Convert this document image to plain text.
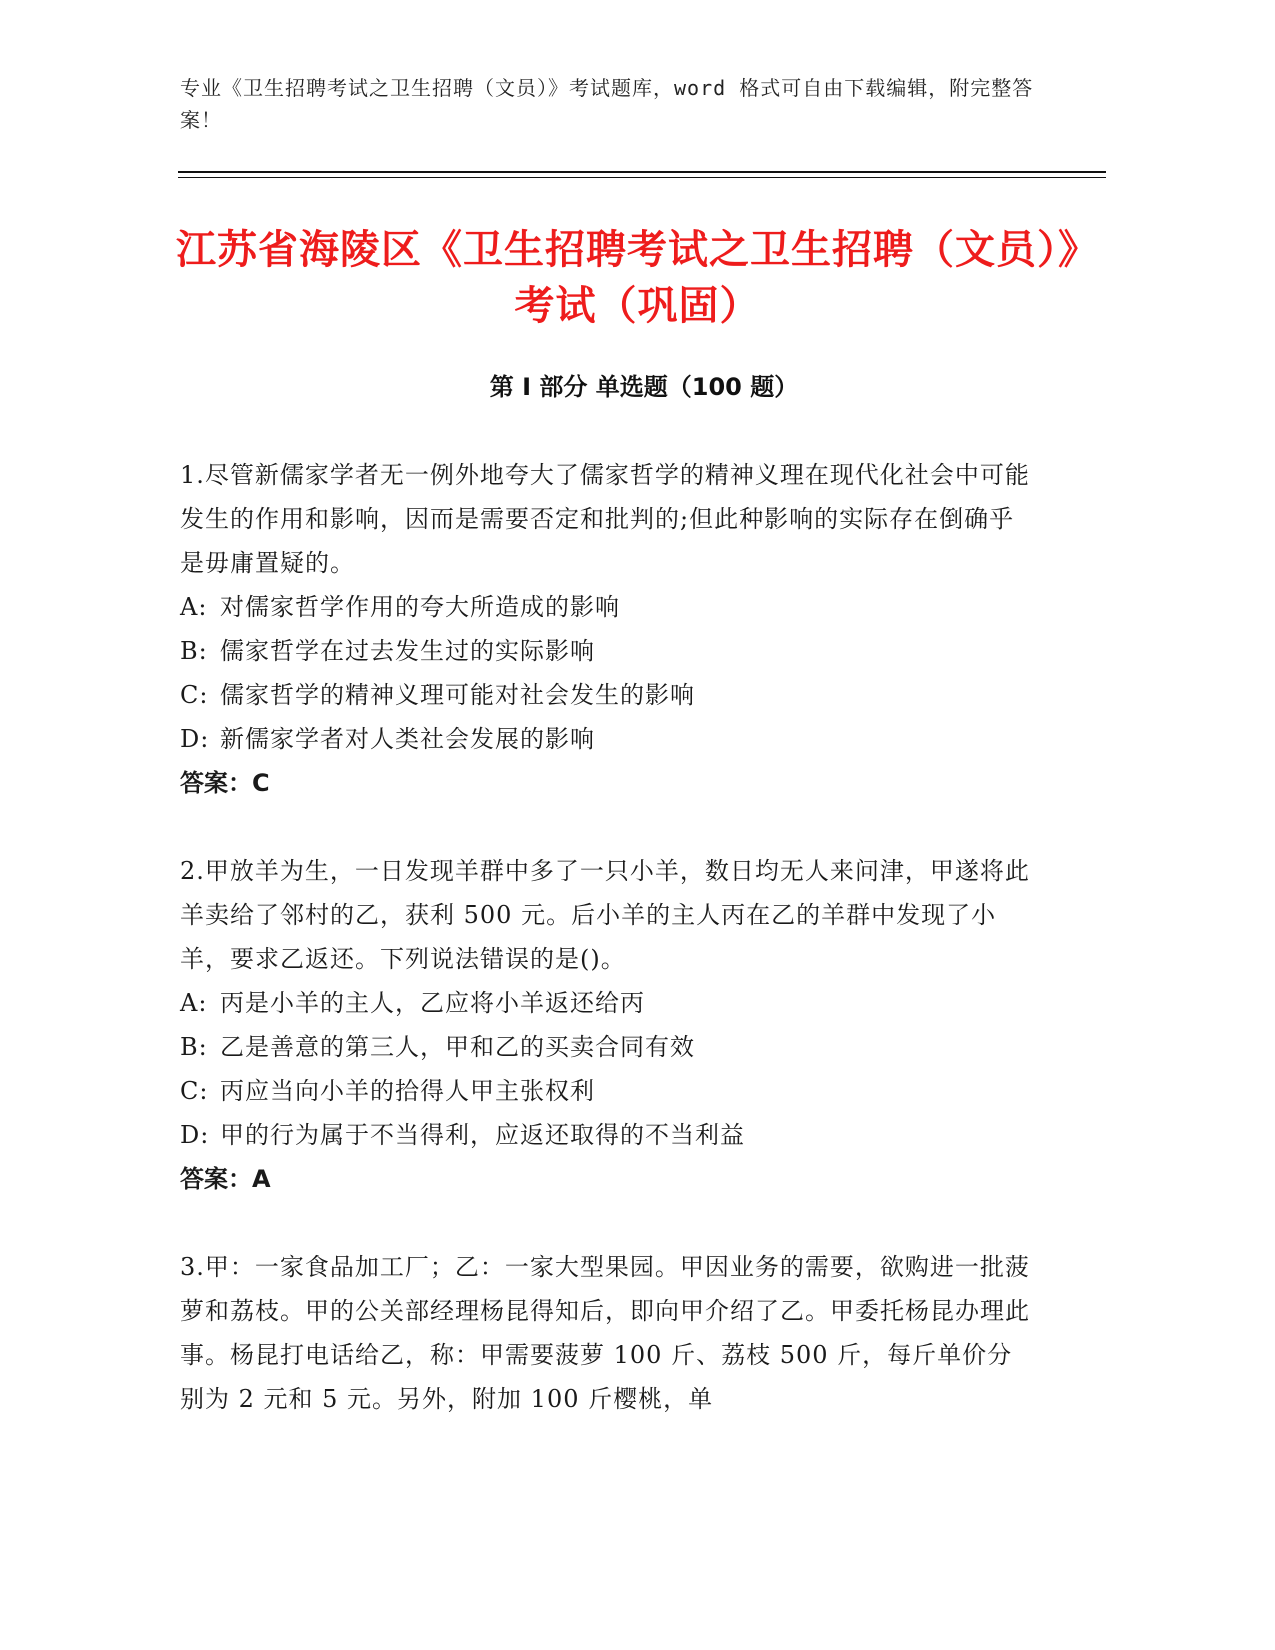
专业《卫生招聘考试之卫生招聘（文员）》考试题库，word 格式可自由下载编辑，附完整答案！
江苏省海陵区《卫生招聘考试之卫生招聘（文员）》考试（巩固）
第 I 部分 单选题（100 题）

1.尽管新儒家学者无一例外地夸大了儒家哲学的精神义理在现代化社会中可能发生的作用和影响，因而是需要否定和批判的;但此种影响的实际存在倒确乎是毋庸置疑的。

A: 对儒家哲学作用的夸大所造成的影响

B: 儒家哲学在过去发生过的实际影响

C: 儒家哲学的精神义理可能对社会发生的影响

D: 新儒家学者对人类社会发展的影响

答案：C

2.甲放羊为生，一日发现羊群中多了一只小羊，数日均无人来问津，甲遂将此羊卖给了邻村的乙，获利 500 元。后小羊的主人丙在乙的羊群中发现了小羊，要求乙返还。下列说法错误的是()。

A: 丙是小羊的主人，乙应将小羊返还给丙

B: 乙是善意的第三人，甲和乙的买卖合同有效

C: 丙应当向小羊的拾得人甲主张权利

D: 甲的行为属于不当得利，应返还取得的不当利益

答案：A

3.甲：一家食品加工厂；乙：一家大型果园。甲因业务的需要，欲购进一批菠萝和荔枝。甲的公关部经理杨昆得知后，即向甲介绍了乙。甲委托杨昆办理此事。杨昆打电话给乙，称：甲需要菠萝 100 斤、荔枝 500 斤，每斤单价分别为 2 元和 5 元。另外，附加 100 斤樱桃，单
